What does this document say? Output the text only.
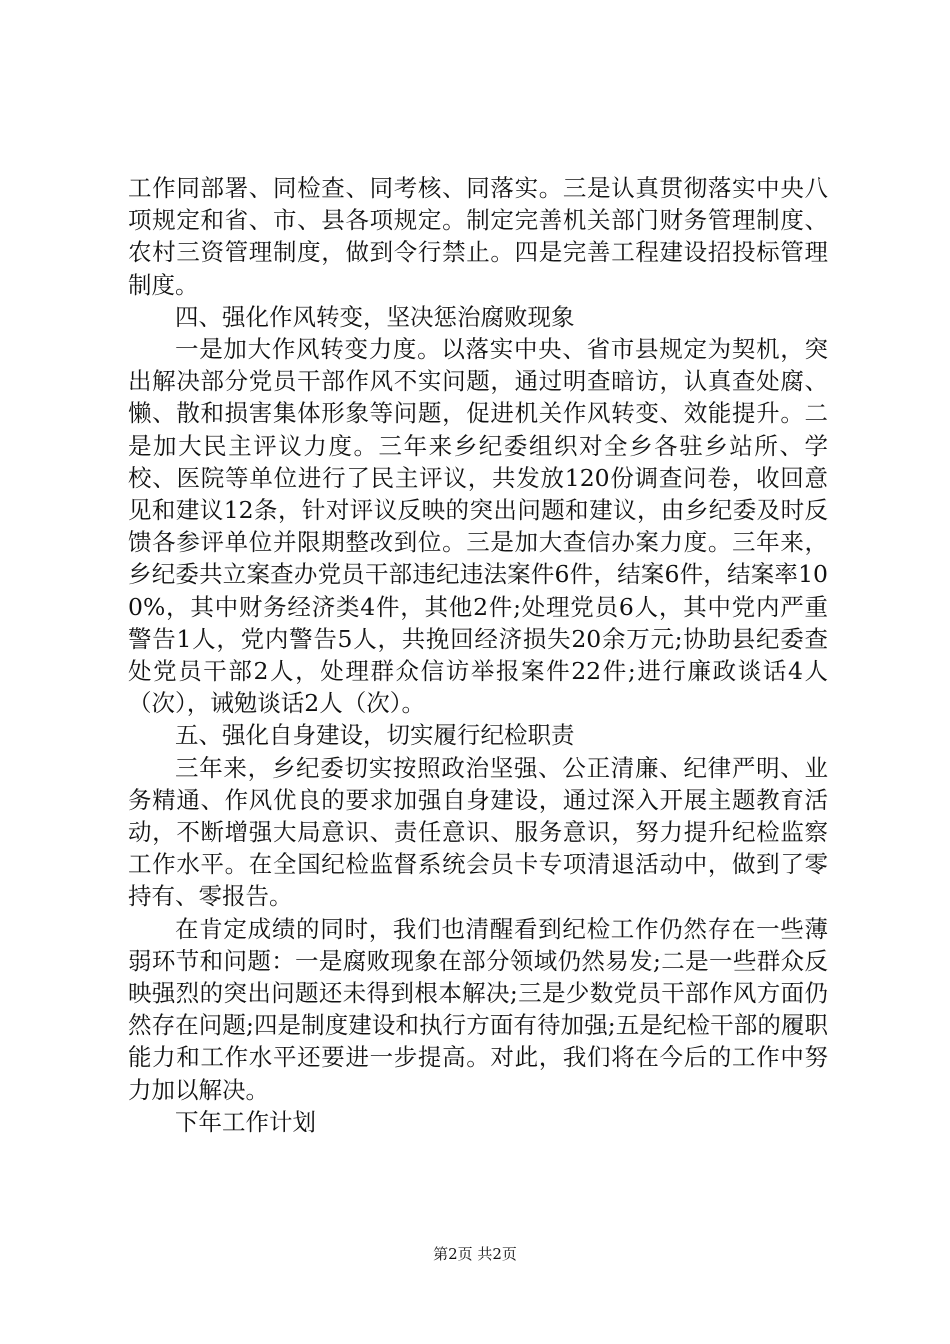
工作同部署、同检查、同考核、同落实。三是认真贯彻落实中央八项规定和省、市、县各项规定。制定完善机关部门财务管理制度、农村三资管理制度，做到令行禁止。四是完善工程建设招投标管理制度。

四、强化作风转变，坚决惩治腐败现象

一是加大作风转变力度。以落实中央、省市县规定为契机，突出解决部分党员干部作风不实问题，通过明查暗访，认真查处腐、懒、散和损害集体形象等问题，促进机关作风转变、效能提升。二是加大民主评议力度。三年来乡纪委组织对全乡各驻乡站所、学校、医院等单位进行了民主评议，共发放120份调查问卷，收回意见和建议12条，针对评议反映的突出问题和建议，由乡纪委及时反馈各参评单位并限期整改到位。三是加大查信办案力度。三年来，乡纪委共立案查办党员干部违纪违法案件6件，结案6件，结案率100%，其中财务经济类4件，其他2件;处理党员6人，其中党内严重警告1人，党内警告5人，共挽回经济损失20余万元;协助县纪委查处党员干部2人，处理群众信访举报案件22件;进行廉政谈话4人（次），诫勉谈话2人（次）。

五、强化自身建设，切实履行纪检职责

三年来，乡纪委切实按照政治坚强、公正清廉、纪律严明、业务精通、作风优良的要求加强自身建设，通过深入开展主题教育活动，不断增强大局意识、责任意识、服务意识，努力提升纪检监察工作水平。在全国纪检监督系统会员卡专项清退活动中，做到了零持有、零报告。

在肯定成绩的同时，我们也清醒看到纪检工作仍然存在一些薄弱环节和问题：一是腐败现象在部分领域仍然易发;二是一些群众反映强烈的突出问题还未得到根本解决;三是少数党员干部作风方面仍然存在问题;四是制度建设和执行方面有待加强;五是纪检干部的履职能力和工作水平还要进一步提高。对此，我们将在今后的工作中努力加以解决。

下年工作计划

第2页 共2页
